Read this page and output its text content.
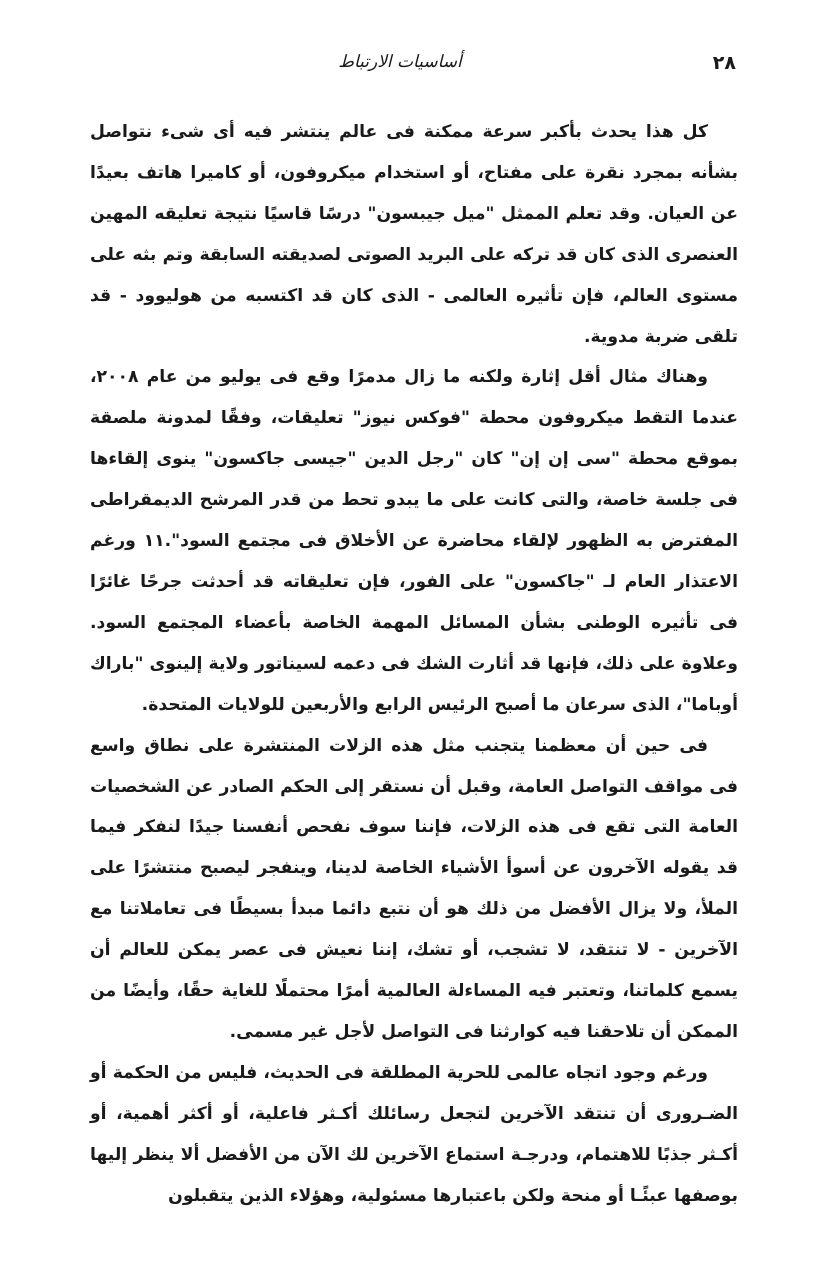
٢٨
أساسيات الارتباط

كل هذا يحدث بأكبر سرعة ممكنة فى عالم ينتشر فيه أى شىء نتواصل بشأنه بمجرد نقرة على مفتاح، أو استخدام ميكروفون، أو كاميرا هاتف بعيدًا عن العيان. وقد تعلم الممثل "ميل جيبسون" درسًا قاسيًا نتيجة تعليقه المهين العنصرى الذى كان قد تركه على البريد الصوتى لصديقته السابقة وتم بثه على مستوى العالم، فإن تأثيره العالمى - الذى كان قد اكتسبه من هوليوود - قد تلقى ضربة مدوية.

وهناك مثال أقل إثارة ولكنه ما زال مدمرًا وقع فى يوليو من عام ٢٠٠٨، عندما التقط ميكروفون محطة "فوكس نيوز" تعليقات، وفقًا لمدونة ملصقة بموقع محطة "سى إن إن" كان "رجل الدين "جيسى جاكسون" ينوى إلقاءها فى جلسة خاصة، والتى كانت على ما يبدو تحط من قدر المرشح الديمقراطى المفترض به الظهور لإلقاء محاضرة عن الأخلاق فى مجتمع السود".١١ ورغم الاعتذار العام لـ "جاكسون" على الفور، فإن تعليقاته قد أحدثت جرحًا غائرًا فى تأثيره الوطنى بشأن المسائل المهمة الخاصة بأعضاء المجتمع السود. وعلاوة على ذلك، فإنها قد أثارت الشك فى دعمه لسيناتور ولاية إلينوى "باراك أوباما"، الذى سرعان ما أصبح الرئيس الرابع والأربعين للولايات المتحدة.

فى حين أن معظمنا يتجنب مثل هذه الزلات المنتشرة على نطاق واسع فى مواقف التواصل العامة، وقبل أن نستقر إلى الحكم الصادر عن الشخصيات العامة التى تقع فى هذه الزلات، فإننا سوف نفحص أنفسنا جيدًا لنفكر فيما قد يقوله الآخرون عن أسوأ الأشياء الخاصة لدينا، وينفجر ليصبح منتشرًا على الملأ، ولا يزال الأفضل من ذلك هو أن نتبع دائما مبدأ بسيطًا فى تعاملاتنا مع الآخرين - لا تنتقد، لا تشجب، أو تشك، إننا نعيش فى عصر يمكن للعالم أن يسمع كلماتنا، وتعتبر فيه المساءلة العالمية أمرًا محتملًا للغاية حقًا، وأيضًا من الممكن أن تلاحقنا فيه كوارثنا فى التواصل لأجل غير مسمى.

ورغم وجود اتجاه عالمى للحرية المطلقة فى الحديث، فليس من الحكمة أو الضـرورى أن تنتقد الآخرين لتجعل رسائلك أكـثر فاعلية، أو أكثر أهمية، أو أكـثر جذبًا للاهتمام، ودرجـة استماع الآخرين لك الآن من الأفضل ألا ينظر إليها بوصفها عبئًـا أو منحة ولكن باعتبارها مسئولية، وهؤلاء الذين يتقبلون
